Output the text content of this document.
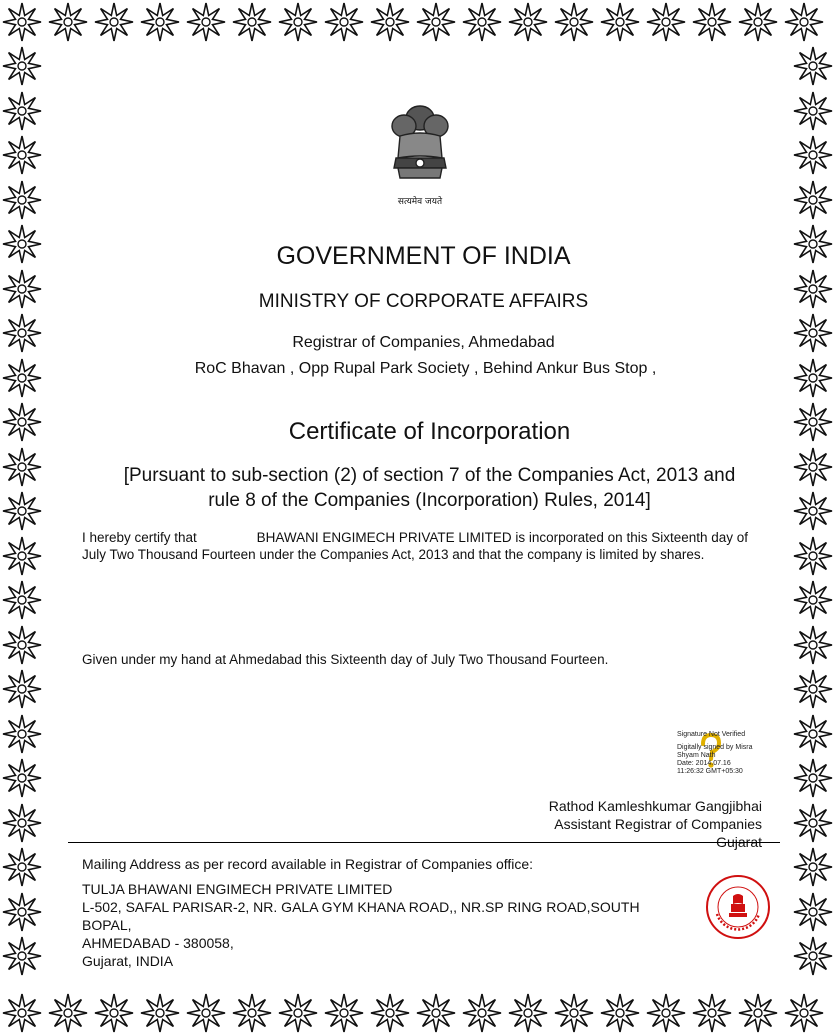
सत्यमेव जयते
GOVERNMENT OF INDIA
MINISTRY OF CORPORATE AFFAIRS
Registrar of Companies, Ahmedabad
RoC Bhavan , Opp Rupal Park Society , Behind Ankur Bus Stop ,
Certificate of Incorporation
[Pursuant to sub-section (2) of section 7 of the Companies Act, 2013 and
rule 8 of the Companies (Incorporation) Rules, 2014]
I hereby certify that	BHAWANI ENGIMECH PRIVATE LIMITED is incorporated on this Sixteenth day of July Two Thousand Fourteen under the Companies Act, 2013 and that the company is limited by shares.
Given under my hand at Ahmedabad this Sixteenth day of July Two Thousand Fourteen.
Signature Not Verified
Digitally signed by Misra Shyam Nath
Date: 2014.07.16
11:26:32 GMT+05:30
Rathod Kamleshkumar Gangjibhai
Assistant Registrar of Companies
Gujarat
Mailing Address as per record available in Registrar of Companies office:
TULJA BHAWANI ENGIMECH PRIVATE LIMITED
L-502, SAFAL PARISAR-2, NR. GALA GYM KHANA ROAD,, NR.SP RING ROAD,SOUTH
BOPAL,
AHMEDABAD - 380058,
Gujarat, INDIA
